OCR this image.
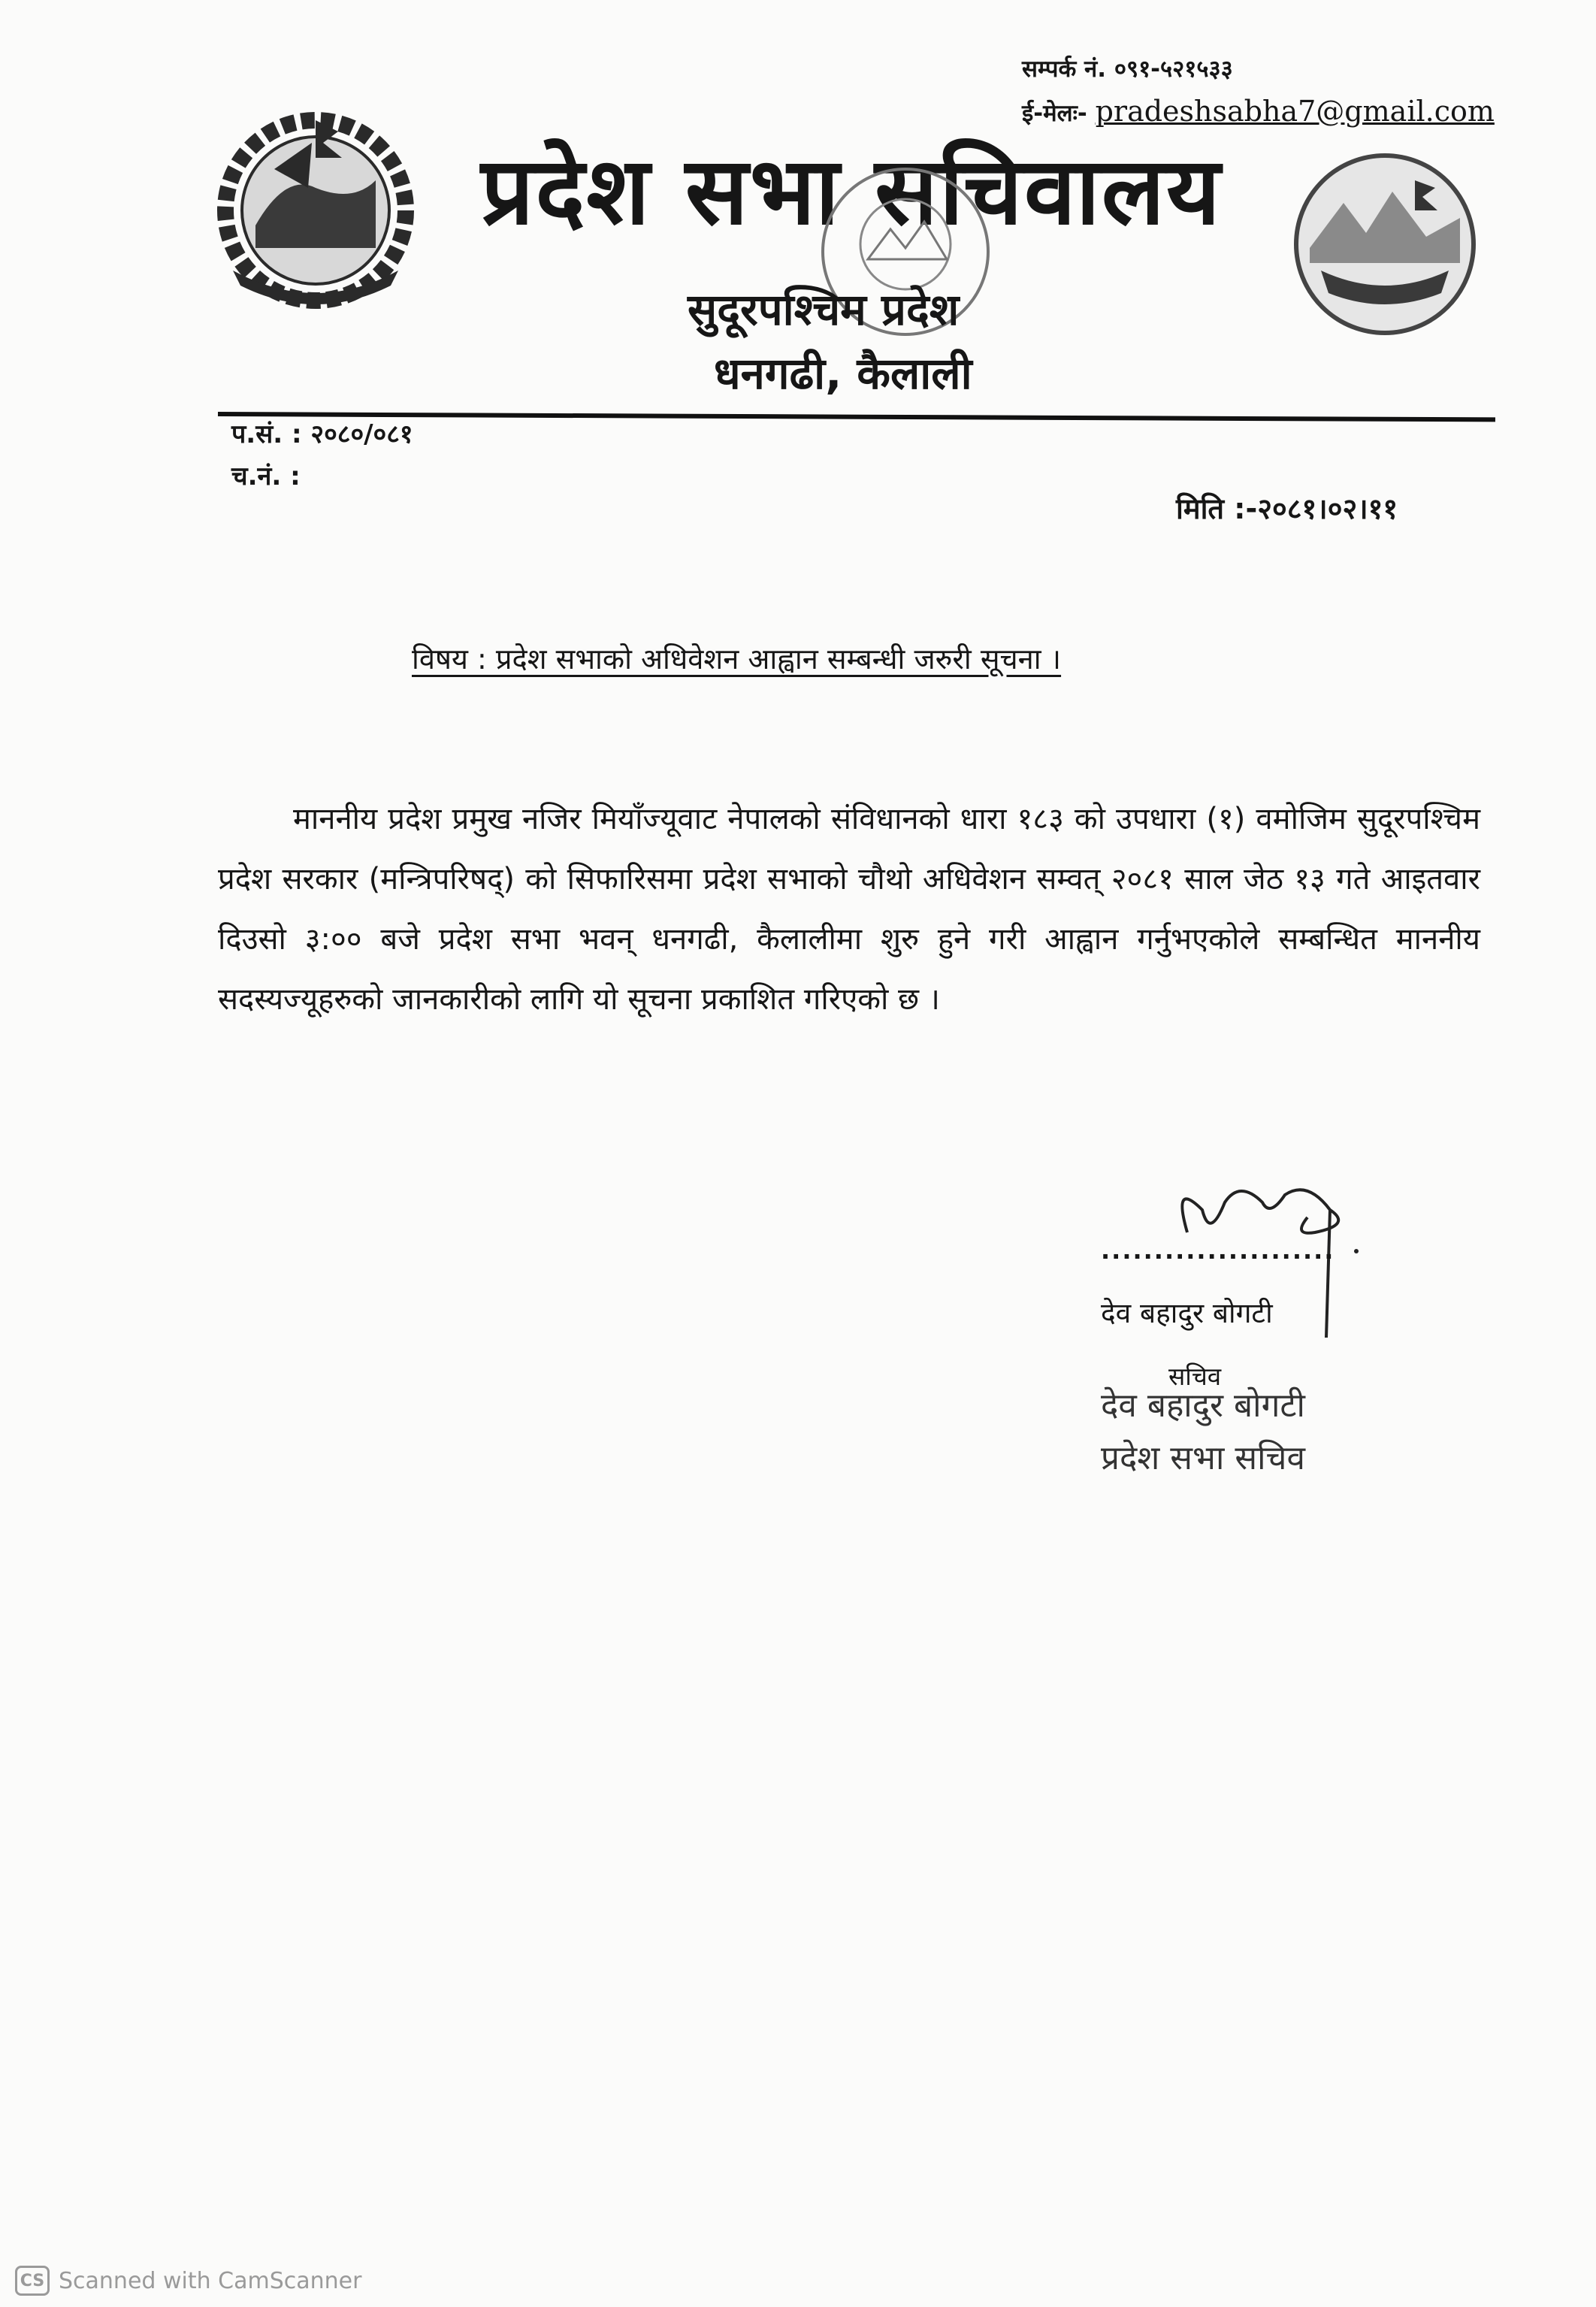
सम्पर्क नं. ०९१-५२१५३३
ई-मेलः- pradeshsabha7@gmail.com
प्रदेश सभा सचिवालय
सुदूरपश्चिम प्रदेश
धनगढी, कैलाली
प.सं. : २०८०/०८१
च.नं. :
मिति :-२०८१।०२।११
विषय : प्रदेश सभाको अधिवेशन आह्वान सम्बन्धी जरुरी सूचना ।
माननीय प्रदेश प्रमुख नजिर मियाँज्यूवाट नेपालको संविधानको धारा १८३ को उपधारा (१) वमोजिम सुदूरपश्चिम प्रदेश सरकार (मन्त्रिपरिषद्) को सिफारिसमा प्रदेश सभाको चौथो अधिवेशन सम्वत् २०८१ साल जेठ १३ गते आइतवार दिउसो ३:०० बजे प्रदेश सभा भवन् धनगढी, कैलालीमा शुरु हुने गरी आह्वान गर्नुभएकोले सम्बन्धित माननीय सदस्यज्यूहरुको जानकारीको लागि यो सूचना प्रकाशित गरिएको छ ।
......................
देव बहादुर बोगटी
सचिव
देव बहादुर बोगटी
प्रदेश सभा सचिव
CS Scanned with CamScanner
